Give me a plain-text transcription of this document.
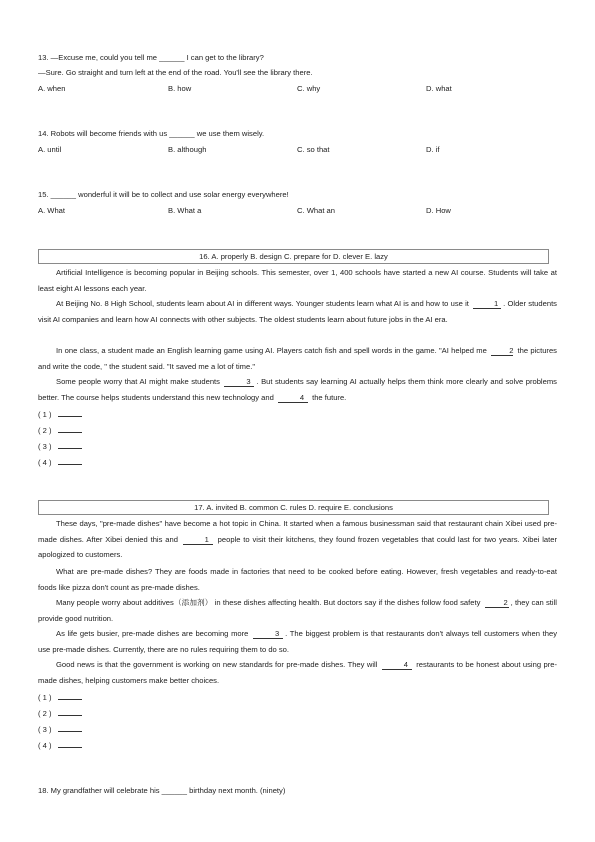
13. —Excuse me, could you tell me ______ I can get to the library?
—Sure. Go straight and turn left at the end of the road. You'll see the library there.
A. when	B. how	C. why	D. what
14. Robots will become friends with us ______ we use them wisely.
A. until	B. although	C. so that	D. if
15. ______ wonderful it will be to collect and use solar energy everywhere!
A. What	B. What a	C. What an	D. How
16. A. properly B. design C. prepare for D. clever E. lazy
Artificial Intelligence is becoming popular in Beijing schools. This semester, over 1, 400 schools have started a new AI course. Students will take at least eight AI lessons each year.
At Beijing No. 8 High School, students learn about AI in different ways. Younger students learn what AI is and how to use it	1 . Older students visit AI companies and learn how AI connects with other subjects. The oldest students learn about future jobs in the AI era.
In one class, a student made an English learning game using AI. Players catch fish and spell words in the game. "AI helped me	2 the pictures and write the code, " the student said. "It saved me a lot of time."
Some people worry that AI might make students	3 . But students say learning AI actually helps them think more clearly and solve problems better. The course helps students understand this new technology and	4 the future.
( 1 )
( 2 )
( 3 )
( 4 )
17. A. invited B. common C. rules D. require E. conclusions
These days, "pre-made dishes" have become a hot topic in China. It started when a famous businessman said that restaurant chain Xibei used pre-made dishes. After Xibei denied this and	1 people to visit their kitchens, they found frozen vegetables that could last for two years. Xibei later apologized to customers.
What are pre-made dishes? They are foods made in factories that need to be cooked before eating. However, fresh vegetables and ready-to-eat foods like pizza don't count as pre-made dishes.
Many people worry about additives（添加剂） in these dishes affecting health. But doctors say if the dishes follow food safety	2 , they can still provide good nutrition.
As life gets busier, pre-made dishes are becoming more	3 . The biggest problem is that restaurants don't always tell customers when they use pre-made dishes. Currently, there are no rules requiring them to do so.
Good news is that the government is working on new standards for pre-made dishes. They will	4 restaurants to be honest about using pre-made dishes, helping customers make better choices.
( 1 )
( 2 )
( 3 )
( 4 )
18. My grandfather will celebrate his ______ birthday next month. (ninety)
